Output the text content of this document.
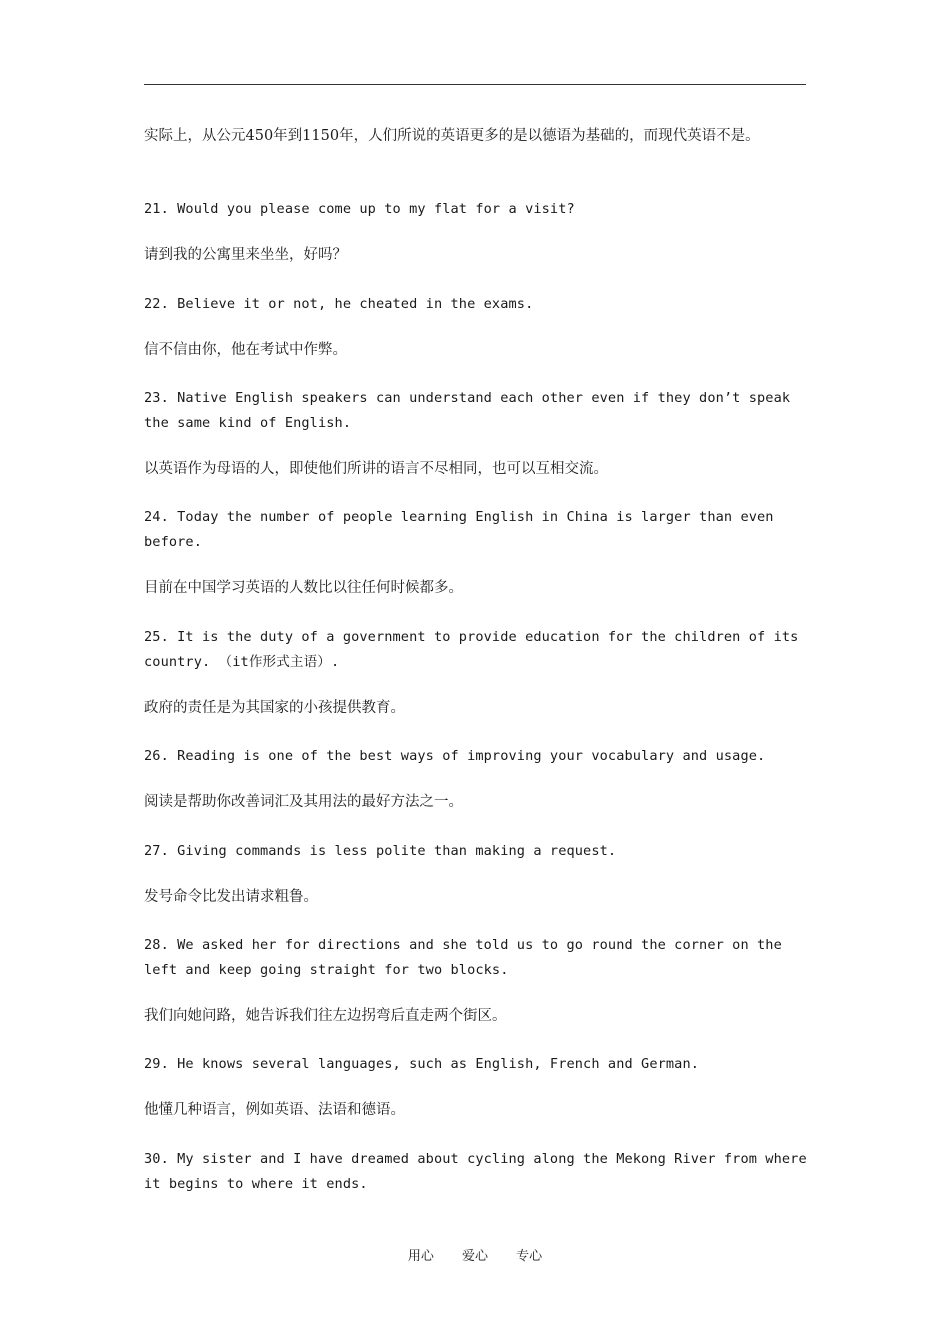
实际上，从公元450年到1150年，人们所说的英语更多的是以德语为基础的，而现代英语不是。

21. Would you please come up to my flat for a visit?

请到我的公寓里来坐坐，好吗？

22. Believe it or not, he cheated in the exams.

信不信由你，他在考试中作弊。

23. Native English speakers can understand each other even if they don’t speak the same kind of English.

以英语作为母语的人，即使他们所讲的语言不尽相同，也可以互相交流。

24. Today the number of people learning English in China is larger than even before.

目前在中国学习英语的人数比以往任何时候都多。

25. It is the duty of a government to provide education for the children of its country. （it作形式主语）.

政府的责任是为其国家的小孩提供教育。

26. Reading is one of the best ways of improving your vocabulary and usage.

阅读是帮助你改善词汇及其用法的最好方法之一。

27. Giving commands is less polite than making a request.

发号命令比发出请求粗鲁。

28. We asked her for directions and she told us to go round the corner on the left and keep going straight for two blocks.

我们向她问路，她告诉我们往左边拐弯后直走两个街区。

29. He knows several languages, such as English, French and German.

他懂几种语言，例如英语、法语和德语。

30. My sister and I have dreamed about cycling along the Mekong River from where it begins to where it ends.

用心 爱心 专心
